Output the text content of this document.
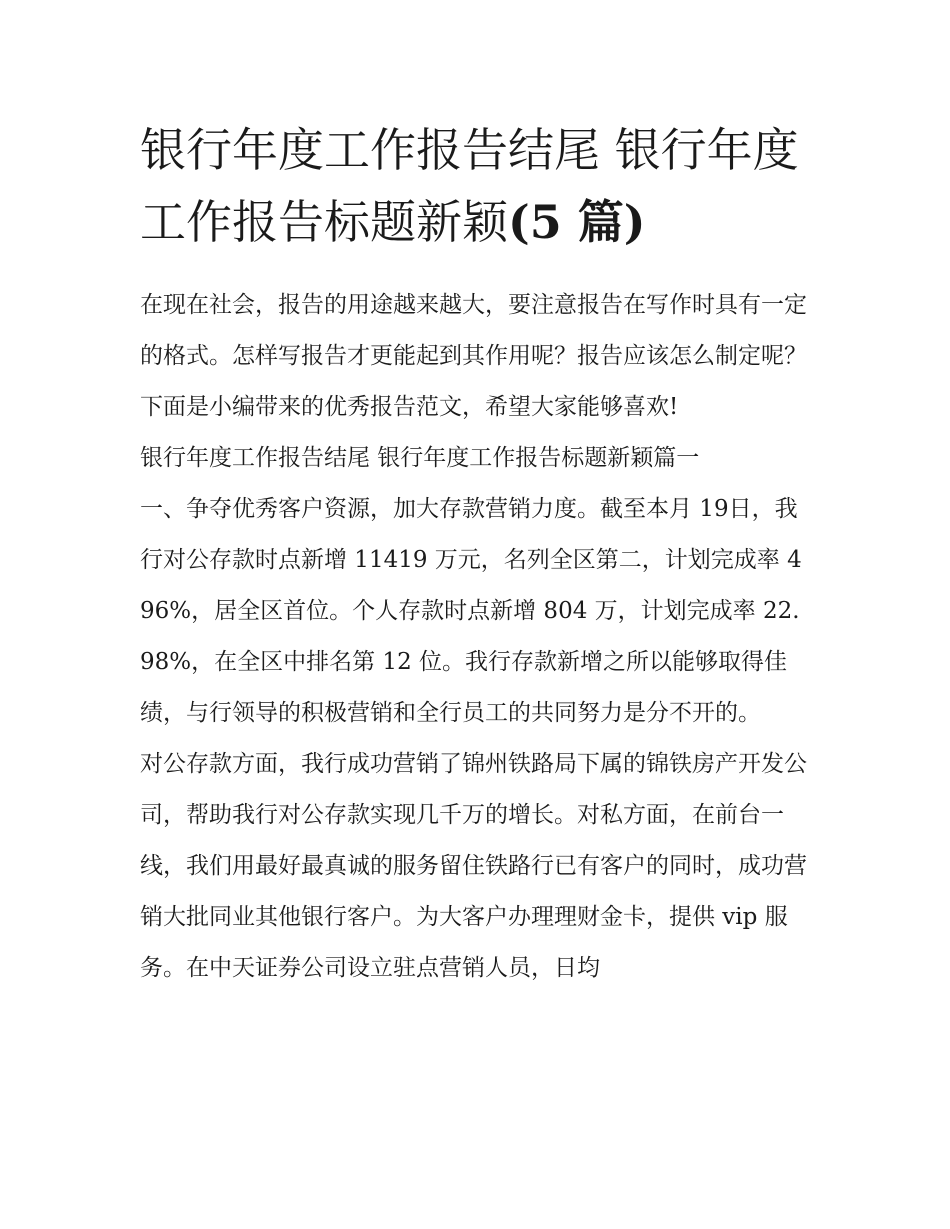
银行年度工作报告结尾 银行年度工作报告标题新颖(5 篇)

在现在社会，报告的用途越来越大，要注意报告在写作时具有一定的格式。怎样写报告才更能起到其作用呢？报告应该怎么制定呢？下面是小编带来的优秀报告范文，希望大家能够喜欢!

银行年度工作报告结尾 银行年度工作报告标题新颖篇一

一、争夺优秀客户资源，加大存款营销力度。截至本月 19日，我行对公存款时点新增 11419 万元，名列全区第二，计划完成率 496%，居全区首位。个人存款时点新增 804 万，计划完成率 22.98%，在全区中排名第 12 位。我行存款新增之所以能够取得佳绩，与行领导的积极营销和全行员工的共同努力是分不开的。

对公存款方面，我行成功营销了锦州铁路局下属的锦铁房产开发公司，帮助我行对公存款实现几千万的增长。对私方面，在前台一线，我们用最好最真诚的服务留住铁路行已有客户的同时，成功营销大批同业其他银行客户。为大客户办理理财金卡，提供 vip 服务。在中天证券公司设立驻点营销人员，日均
